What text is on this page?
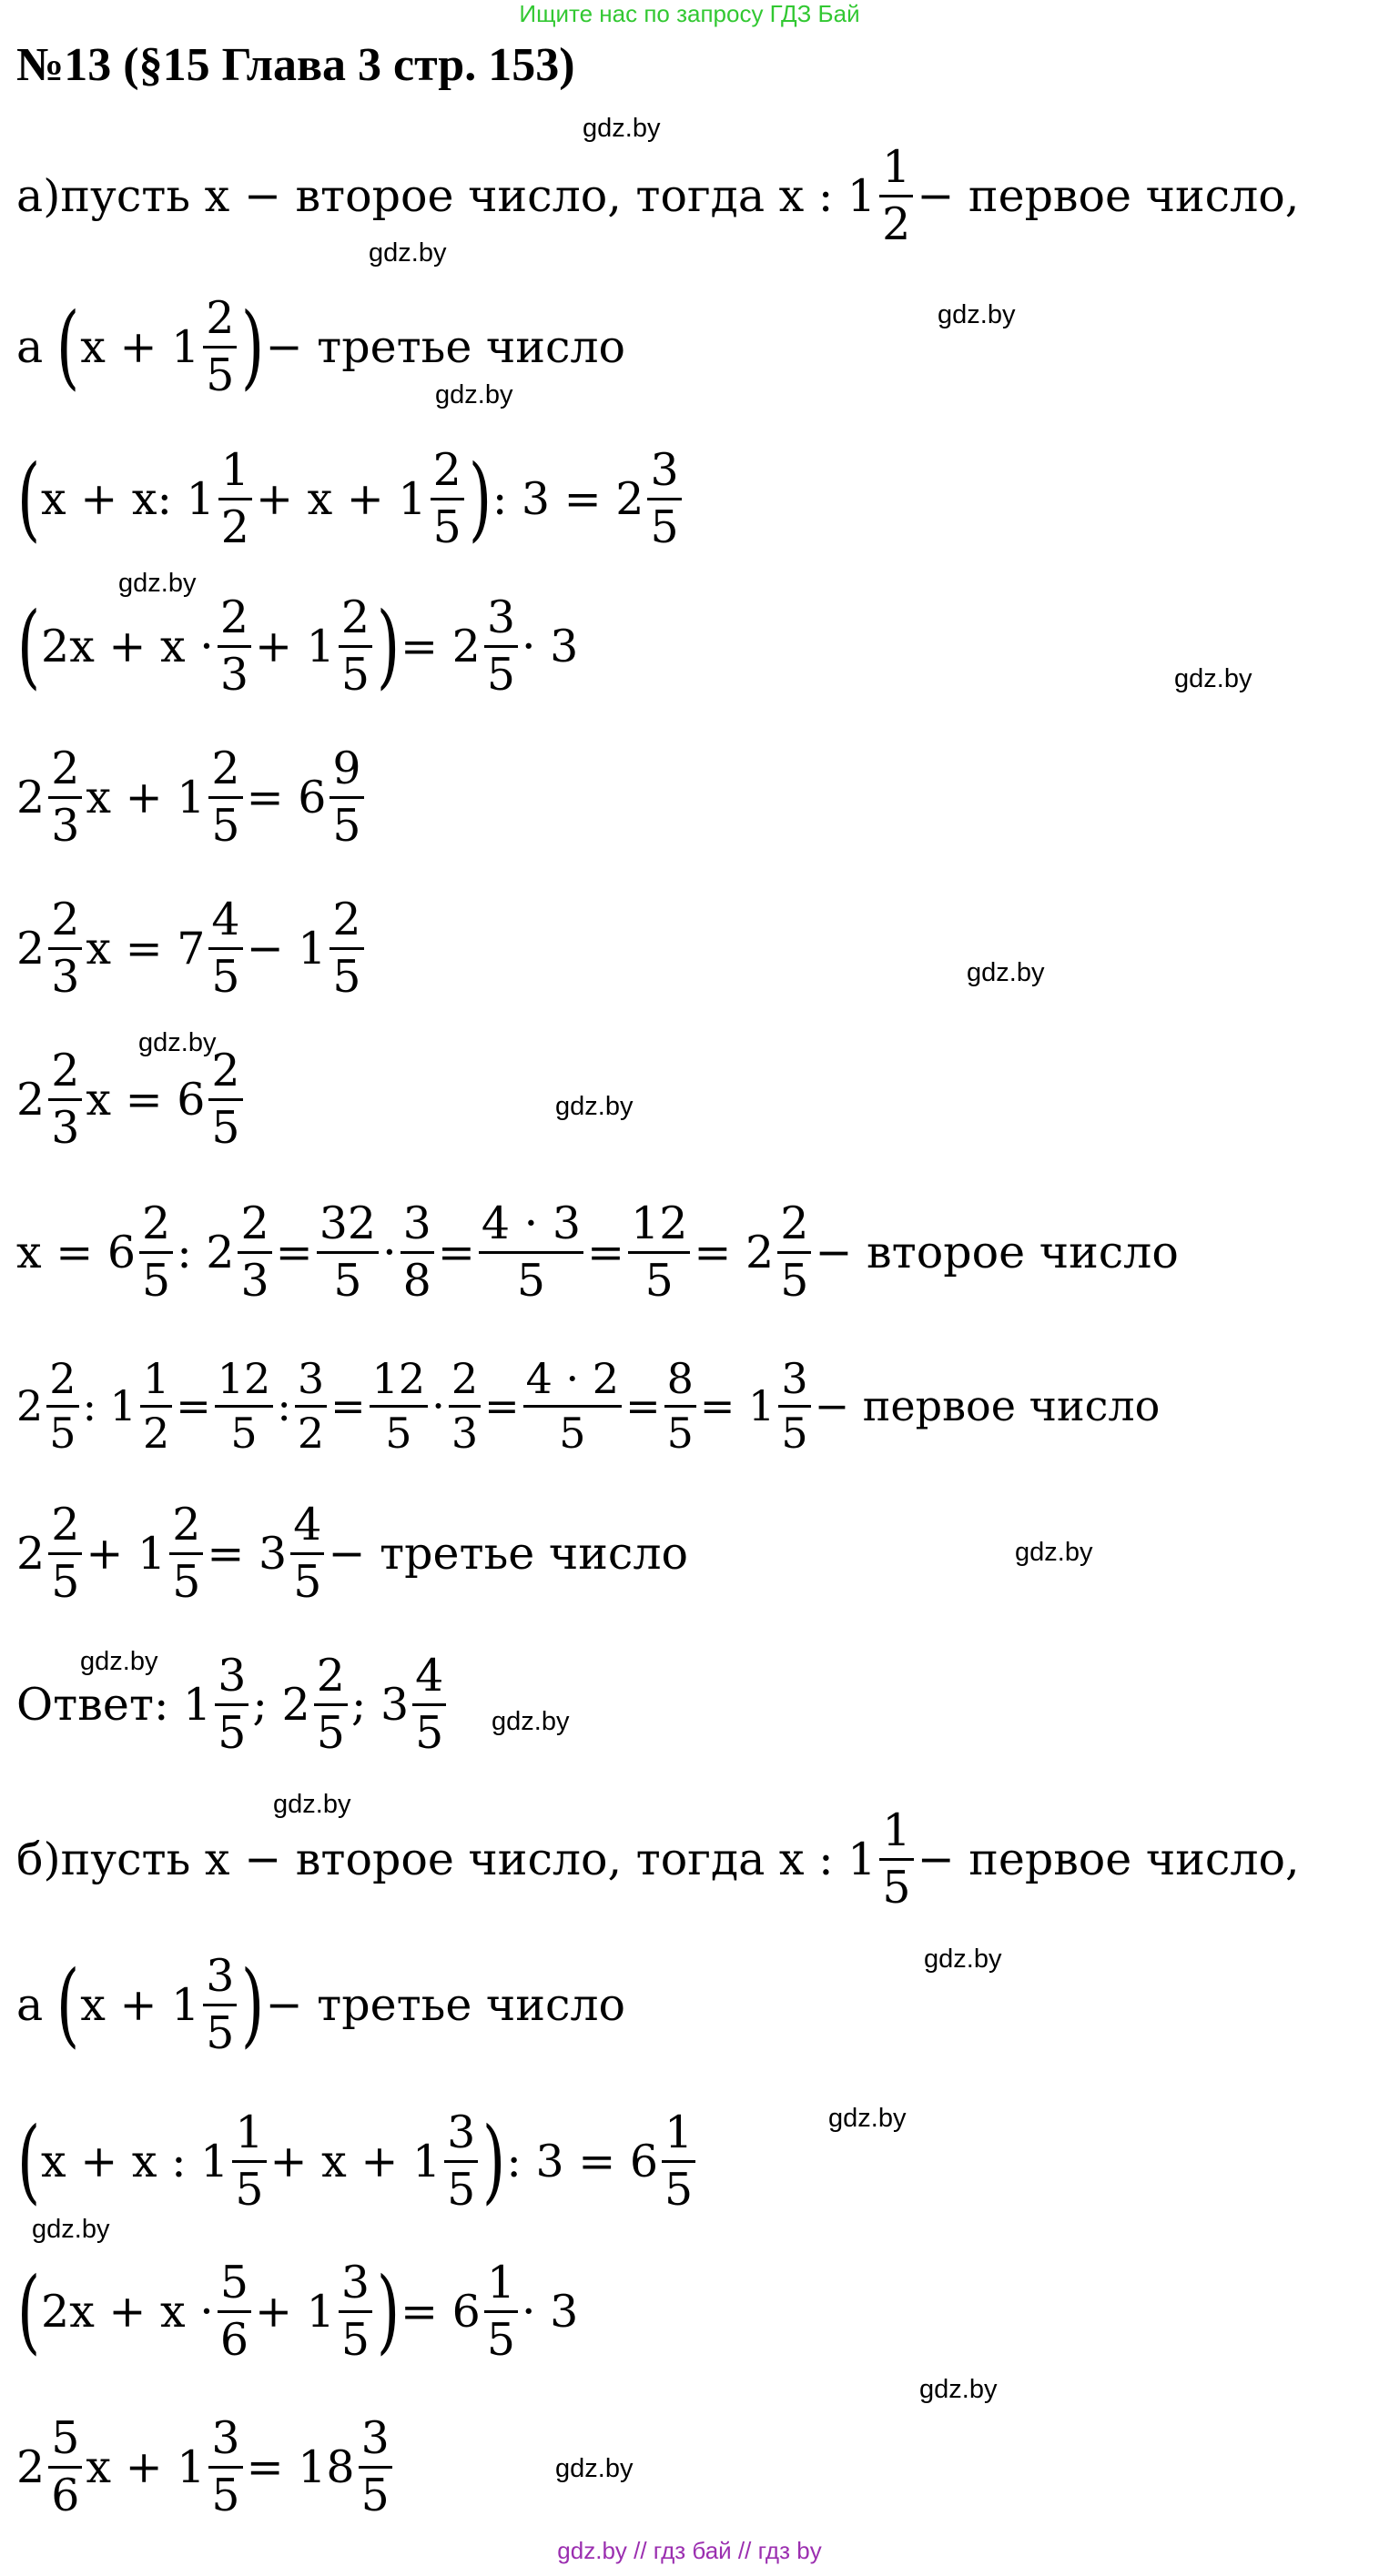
Ищите нас по запросу ГДЗ Бай
№13 (§15 Глава 3 стр. 153)
а)пусть х − второе число, тогда х : $1 \frac{1}{2}$ − первое число,
а ( $х + 1 \frac{2}{5}$ ) − третье число
( х + х: $1 \frac{1}{2} + х + 1 \frac{2}{5}$ ) : $3 = 2 \frac{3}{5}$
( $2х + х \cdot \frac{2}{3} + 1 \frac{2}{5}$ ) = $2 \frac{3}{5} \cdot 3$
$2 \frac{2}{3}$ $х + 1 \frac{2}{5} = 6 \frac{9}{5}$
$2 \frac{2}{3}$ $х = 7 \frac{4}{5} - 1 \frac{2}{5}$
$2 \frac{2}{3}$ $х = 6 \frac{2}{5}$
$х = 6 \frac{2}{5}$ : $2 \frac{2}{3} = \frac{32}{5} \cdot \frac{3}{8} = \frac{4 \cdot 3}{5} = \frac{12}{5} = 2 \frac{2}{5}$ − второе число
$2 \frac{2}{5}$ : $1 \frac{1}{2} = \frac{12}{5}$ : $\frac{3}{2} = \frac{12}{5} \cdot \frac{2}{3} = \frac{4 \cdot 2}{5} = \frac{8}{5} = 1 \frac{3}{5}$ − первое число
$2 \frac{2}{5} + 1 \frac{2}{5} = 3 \frac{4}{5}$ − третье число
Ответ: $1 \frac{3}{5}$ ; $2 \frac{2}{5}$ ; $3 \frac{4}{5}$
б)пусть х − второе число, тогда х : $1 \frac{1}{5}$ − первое число,
а ( $х + 1 \frac{3}{5}$ ) − третье число
( х + х : $1 \frac{1}{5} + х + 1 \frac{3}{5}$ ) : $3 = 6 \frac{1}{5}$
( $2х + х \cdot \frac{5}{6} + 1 \frac{3}{5}$ ) = $6 \frac{1}{5} \cdot 3$
$2 \frac{5}{6}$ $х + 1 \frac{3}{5} = 18 \frac{3}{5}$
gdz.by
gdz.by
gdz.by
gdz.by
gdz.by
gdz.by
gdz.by
gdz.by
gdz.by
gdz.by
gdz.by
gdz.by
gdz.by
gdz.by
gdz.by
gdz.by
gdz.by
gdz.by
gdz.by // гдз бай // гдз by
